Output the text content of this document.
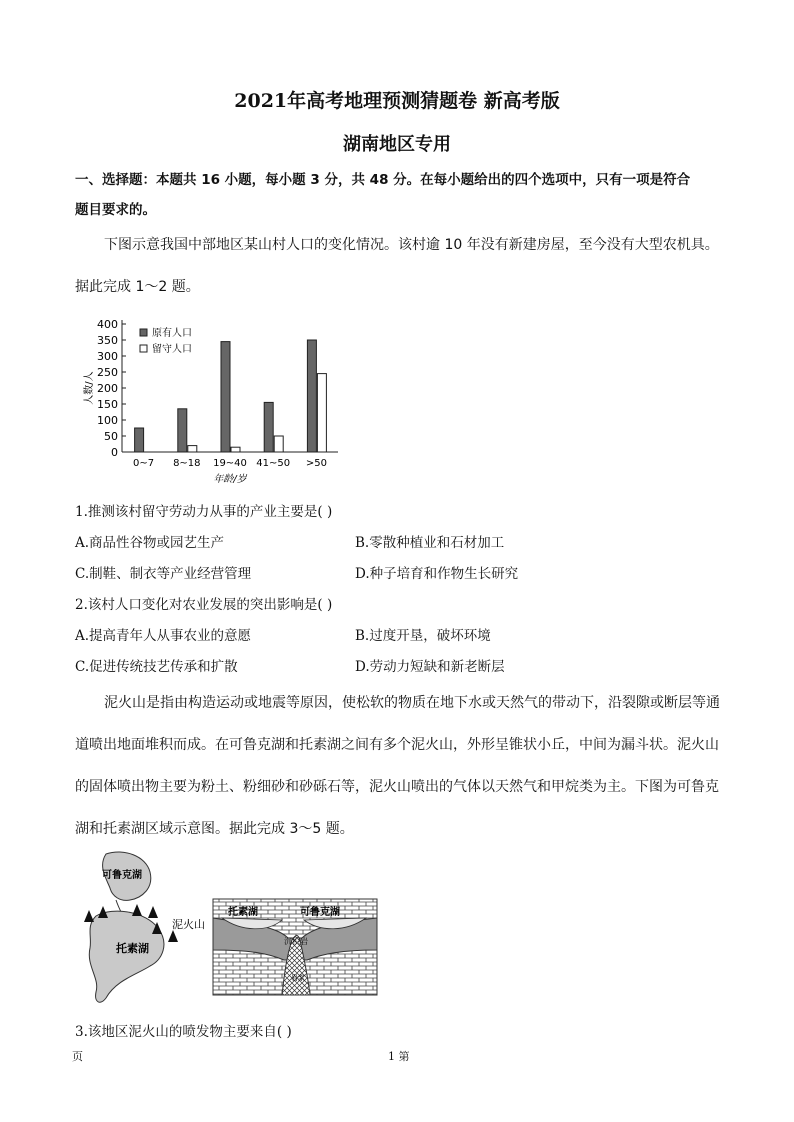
2021年高考地理预测猜题卷 新高考版
湖南地区专用
一、选择题：本题共 16 小题，每小题 3 分，共 48 分。在每小题给出的四个选项中，只有一项是符合
题目要求的。
下图示意我国中部地区某山村人口的变化情况。该村逾 10 年没有新建房屋，至今没有大型农机具。
据此完成 1～2 题。
0
50
100
150
200
250
300
350
400
人数/人
0~7 8~18 19~40 41~50 >50
年龄/岁
原有人口
留守人口
1.推测该村留守劳动力从事的产业主要是( )
A.商品性谷物或园艺生产	B.零散种植业和石材加工
C.制鞋、制衣等产业经营管理	D.种子培育和作物生长研究
2.该村人口变化对农业发展的突出影响是( )
A.提高青年人从事农业的意愿	B.过度开垦，破坏环境
C.促进传统技艺传承和扩散	D.劳动力短缺和新老断层
泥火山是指由构造运动或地震等原因，使松软的物质在地下水或天然气的带动下，沿裂隙或断层等通
道喷出地面堆积而成。在可鲁克湖和托素湖之间有多个泥火山，外形呈锥状小丘，中间为漏斗状。泥火山
的固体喷出物主要为粉土、粉细砂和砂砾石等，泥火山喷出的气体以天然气和甲烷类为主。下图为可鲁克
湖和托素湖区域示意图。据此完成 3～5 题。
可鲁克湖
托素湖
泥火山
托素湖	可鲁克湖
沉积岩
岩浆
3.该地区泥火山的喷发物主要来自( )
页	1 第
